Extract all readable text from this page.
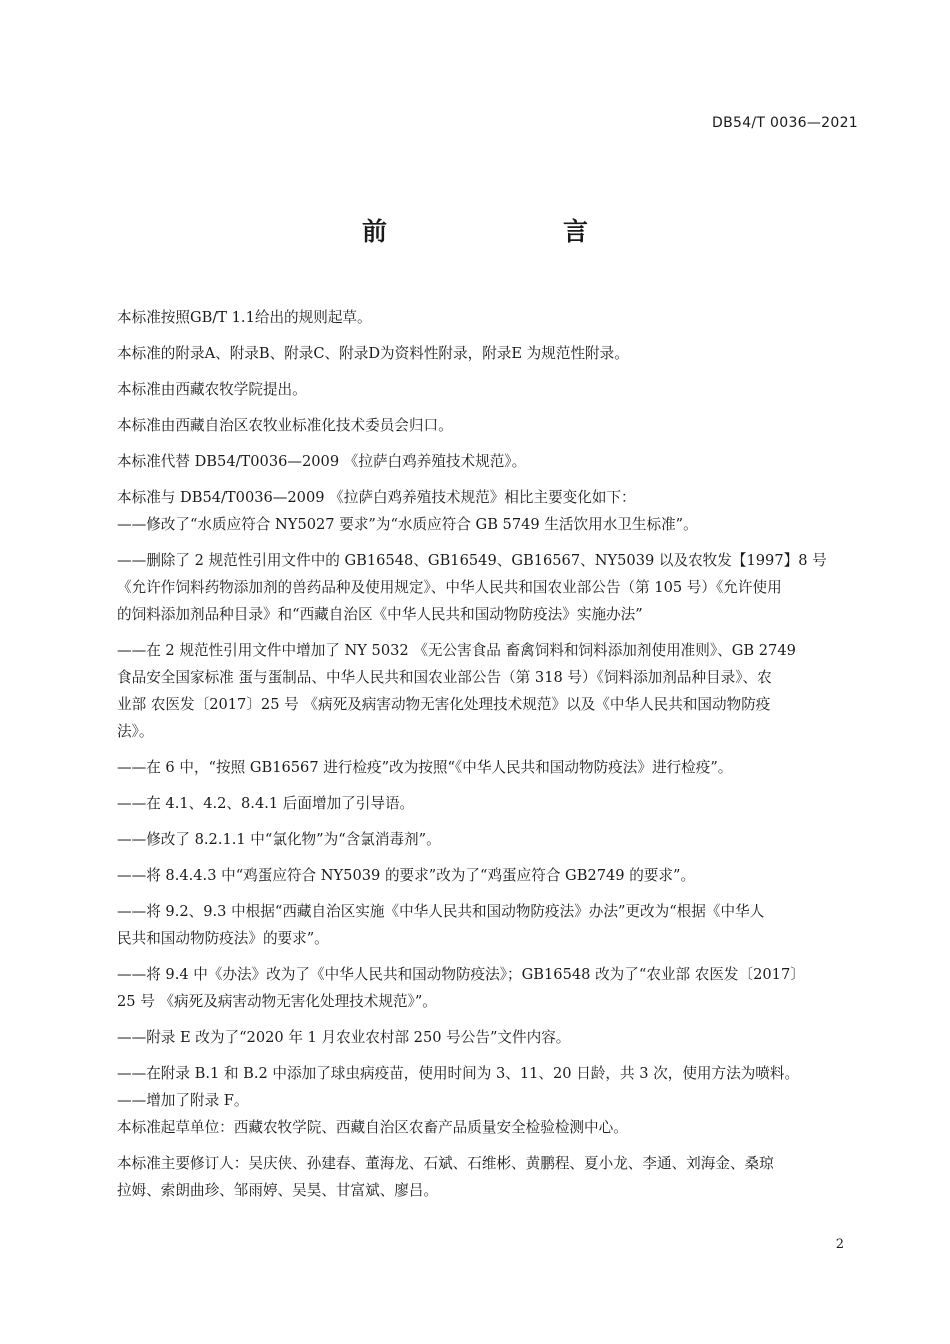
DB54/T 0036—2021
前　　言

本标准按照GB/T 1.1给出的规则起草。

本标准的附录A、附录B、附录C、附录D为资料性附录，附录E 为规范性附录。

本标准由西藏农牧学院提出。

本标准由西藏自治区农牧业标准化技术委员会归口。

本标准代替 DB54/T0036—2009 《拉萨白鸡养殖技术规范》。

本标准与 DB54/T0036—2009 《拉萨白鸡养殖技术规范》相比主要变化如下：

——修改了“水质应符合 NY5027 要求”为“水质应符合 GB 5749 生活饮用水卫生标准”。

——删除了 2 规范性引用文件中的 GB16548、GB16549、GB16567、NY5039 以及农牧发【1997】8 号
《允许作饲料药物添加剂的兽药品种及使用规定》、中华人民共和国农业部公告（第 105 号）《允许使用
的饲料添加剂品种目录》和“西藏自治区《中华人民共和国动物防疫法》实施办法”
——在 2 规范性引用文件中增加了 NY 5032 《无公害食品 畜禽饲料和饲料添加剂使用准则》、GB 2749
食品安全国家标准 蛋与蛋制品、中华人民共和国农业部公告（第 318 号）《饲料添加剂品种目录》、农
业部 农医发〔2017〕25 号 《病死及病害动物无害化处理技术规范》以及《中华人民共和国动物防疫
法》。

——在 6 中，“按照 GB16567 进行检疫”改为按照“《中华人民共和国动物防疫法》进行检疫”。

——在 4.1、4.2、8.4.1 后面增加了引导语。

——修改了 8.2.1.1 中“氯化物”为“含氯消毒剂”。

——将 8.4.4.3 中“鸡蛋应符合 NY5039 的要求”改为了“鸡蛋应符合 GB2749 的要求”。

——将 9.2、9.3 中根据“西藏自治区实施《中华人民共和国动物防疫法》办法”更改为“根据《中华人
民共和国动物防疫法》的要求”。
——将 9.4 中《办法》改为了《中华人民共和国动物防疫法》；GB16548 改为了“农业部 农医发〔2017〕
25 号 《病死及病害动物无害化处理技术规范》”。

——附录 E 改为了“2020 年 1 月农业农村部 250 号公告”文件内容。

——在附录 B.1 和 B.2 中添加了球虫病疫苗，使用时间为 3、11、20 日龄，共 3 次，使用方法为喷料。

——增加了附录 F。

本标准起草单位：西藏农牧学院、西藏自治区农畜产品质量安全检验检测中心。

本标准主要修订人：吴庆侠、孙建春、董海龙、石斌、石维彬、黄鹏程、夏小龙、李通、刘海金、桑琼
拉姆、索朗曲珍、邹雨婷、吴昊、甘富斌、廖吕。
2
